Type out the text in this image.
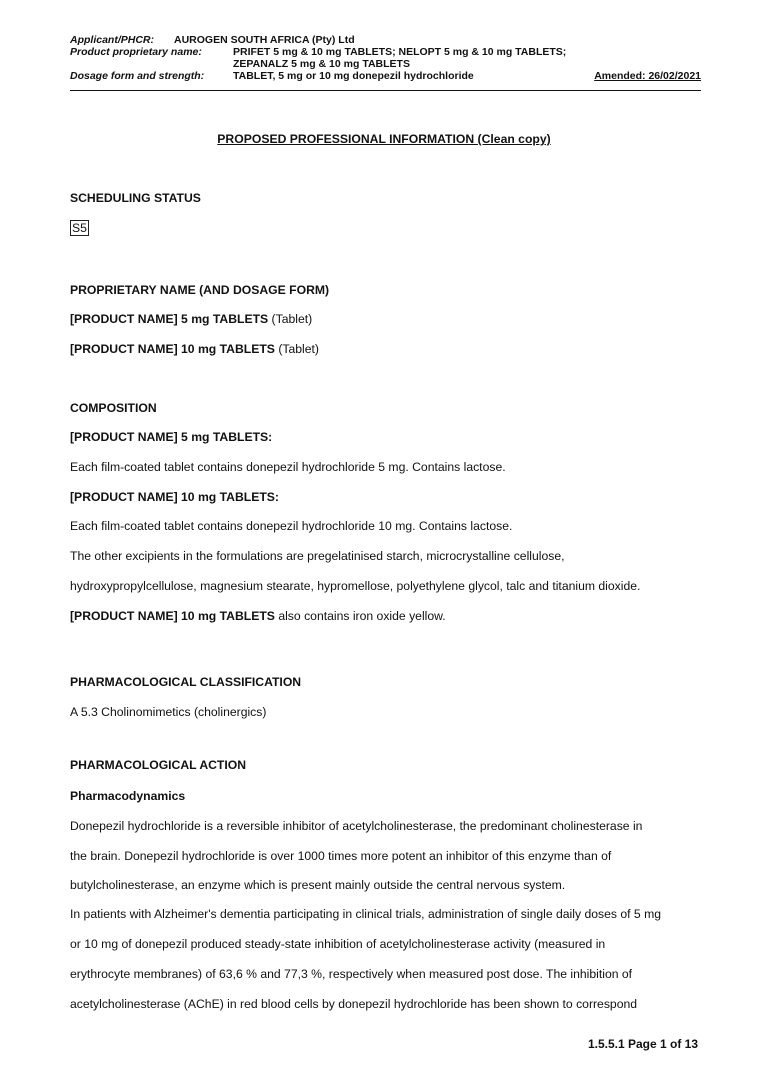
Applicant/PHCR: AUROGEN SOUTH AFRICA (Pty) Ltd
Product proprietary name:	PRIFET 5 mg & 10 mg TABLETS; NELOPT 5 mg & 10 mg TABLETS;
ZEPANALZ 5 mg & 10 mg TABLETS
Dosage form and strength:	TABLET, 5 mg or 10 mg donepezil hydrochloride	Amended: 26/02/2021
PROPOSED PROFESSIONAL INFORMATION (Clean copy)
SCHEDULING STATUS
S5
PROPRIETARY NAME (AND DOSAGE FORM)
[PRODUCT NAME] 5 mg TABLETS (Tablet)
[PRODUCT NAME] 10 mg TABLETS (Tablet)
COMPOSITION
[PRODUCT NAME] 5 mg TABLETS:
Each film-coated tablet contains donepezil hydrochloride 5 mg. Contains lactose.
[PRODUCT NAME] 10 mg TABLETS:
Each film-coated tablet contains donepezil hydrochloride 10 mg. Contains lactose.
The other excipients in the formulations are pregelatinised starch, microcrystalline cellulose,
hydroxypropylcellulose, magnesium stearate, hypromellose, polyethylene glycol, talc and titanium dioxide.
[PRODUCT NAME] 10 mg TABLETS also contains iron oxide yellow.
PHARMACOLOGICAL CLASSIFICATION
A 5.3 Cholinomimetics (cholinergics)
PHARMACOLOGICAL ACTION
Pharmacodynamics
Donepezil hydrochloride is a reversible inhibitor of acetylcholinesterase, the predominant cholinesterase in
the brain. Donepezil hydrochloride is over 1000 times more potent an inhibitor of this enzyme than of
butylcholinesterase, an enzyme which is present mainly outside the central nervous system.
In patients with Alzheimer's dementia participating in clinical trials, administration of single daily doses of 5 mg
or 10 mg of donepezil produced steady-state inhibition of acetylcholinesterase activity (measured in
erythrocyte membranes) of 63,6 % and 77,3 %, respectively when measured post dose. The inhibition of
acetylcholinesterase (AChE) in red blood cells by donepezil hydrochloride has been shown to correspond
1.5.5.1 Page 1 of 13
